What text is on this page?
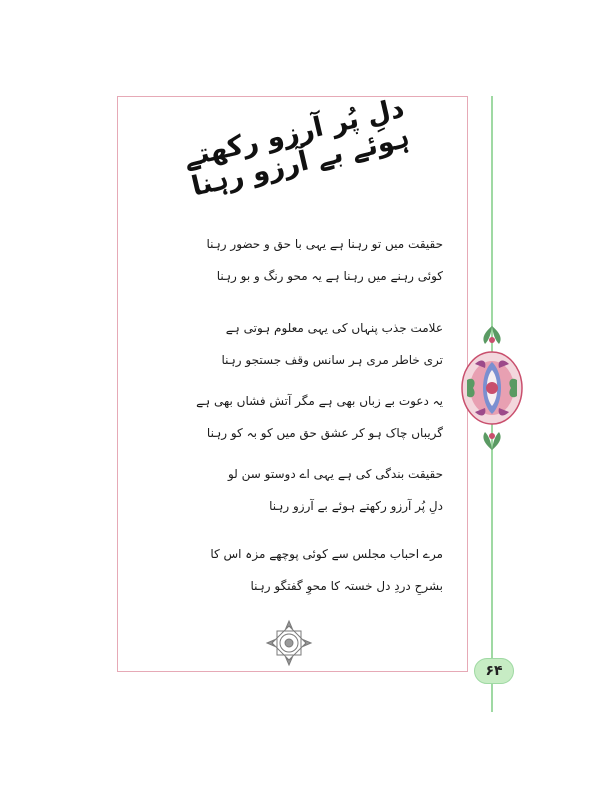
دلِ پُر آرزو رکھتے ہوئے بے آرزو رہنا
حقیقت میں تو رہنا ہے یہی با حق و حضور رہنا
کوئی رہنے میں رہنا ہے یہ محو رنگ و بو رہنا
علامت جذب پنہاں کی یہی معلوم ہوتی ہے
تری خاطر مری ہر سانس وقف جستجو رہنا
یہ دعوت بے زباں بھی ہے مگر آتش فشاں بھی ہے
گریباں چاک ہو کر عشق حق میں کو بہ کو رہنا
حقیقت بندگی کی ہے یہی اے دوستو سن لو
دلِ پُر آرزو رکھتے ہوئے بے آرزو رہنا
مرے احباب مجلس سے کوئی پوچھے مزہ اس کا
بشرحِ دردِ دل خستہ کا محوِ گفتگو رہنا
۶۴
